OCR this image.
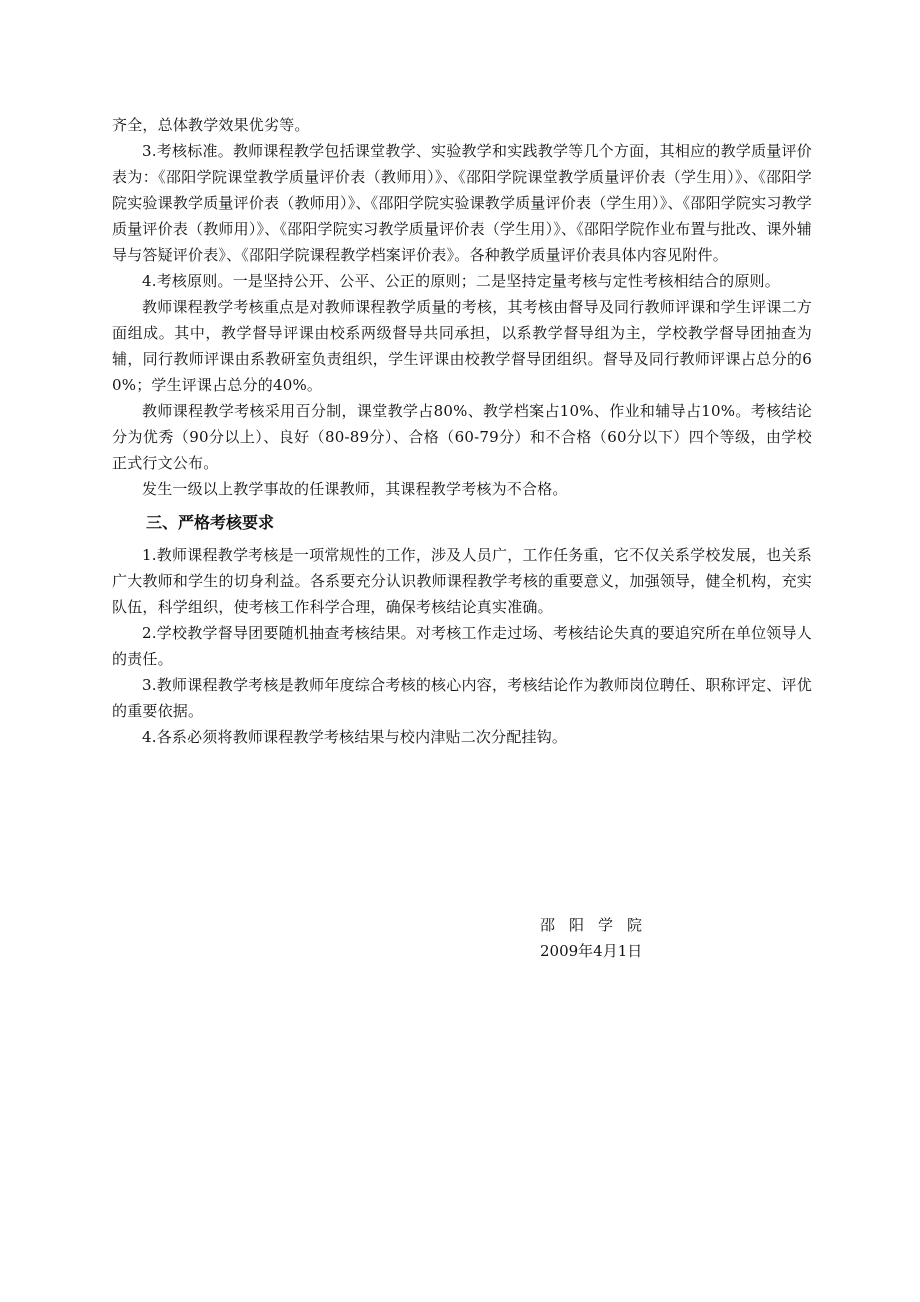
齐全，总体教学效果优劣等。

3.考核标准。教师课程教学包括课堂教学、实验教学和实践教学等几个方面，其相应的教学质量评价表为：《邵阳学院课堂教学质量评价表（教师用）》、《邵阳学院课堂教学质量评价表（学生用）》、《邵阳学院实验课教学质量评价表（教师用）》、《邵阳学院实验课教学质量评价表（学生用）》、《邵阳学院实习教学质量评价表（教师用）》、《邵阳学院实习教学质量评价表（学生用）》、《邵阳学院作业布置与批改、课外辅导与答疑评价表》、《邵阳学院课程教学档案评价表》。各种教学质量评价表具体内容见附件。

4.考核原则。一是坚持公开、公平、公正的原则；二是坚持定量考核与定性考核相结合的原则。

教师课程教学考核重点是对教师课程教学质量的考核，其考核由督导及同行教师评课和学生评课二方面组成。其中，教学督导评课由校系两级督导共同承担，以系教学督导组为主，学校教学督导团抽查为辅，同行教师评课由系教研室负责组织，学生评课由校教学督导团组织。督导及同行教师评课占总分的60%；学生评课占总分的40%。

教师课程教学考核采用百分制，课堂教学占80%、教学档案占10%、作业和辅导占10%。考核结论分为优秀（90分以上）、良好（80-89分）、合格（60-79分）和不合格（60分以下）四个等级，由学校正式行文公布。

发生一级以上教学事故的任课教师，其课程教学考核为不合格。

三、严格考核要求

1.教师课程教学考核是一项常规性的工作，涉及人员广，工作任务重，它不仅关系学校发展，也关系广大教师和学生的切身利益。各系要充分认识教师课程教学考核的重要意义，加强领导，健全机构，充实队伍，科学组织，使考核工作科学合理，确保考核结论真实准确。

2.学校教学督导团要随机抽查考核结果。对考核工作走过场、考核结论失真的要追究所在单位领导人的责任。

3.教师课程教学考核是教师年度综合考核的核心内容，考核结论作为教师岗位聘任、职称评定、评优的重要依据。

4.各系必须将教师课程教学考核结果与校内津贴二次分配挂钩。

邵阳学院
2009年4月1日
